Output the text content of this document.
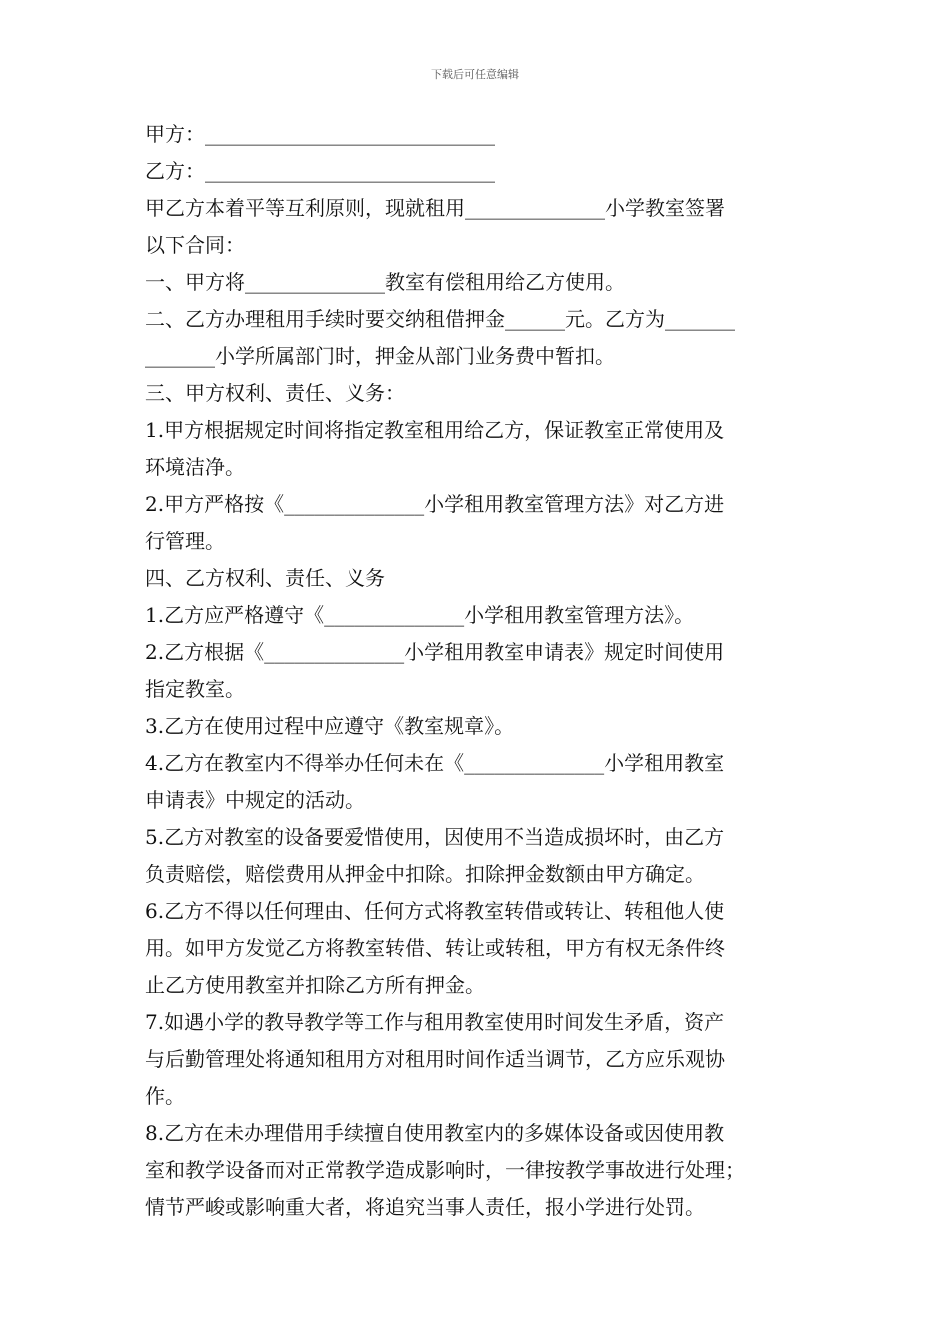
下载后可任意编辑
甲方：_____________________________
乙方：_____________________________
甲乙方本着平等互利原则，现就租用______________小学教室签署
以下合同：
一、甲方将______________教室有偿租用给乙方使用。
二、乙方办理租用手续时要交纳租借押金______元。乙方为_______
_______小学所属部门时，押金从部门业务费中暂扣。
三、甲方权利、责任、义务：
1.甲方根据规定时间将指定教室租用给乙方，保证教室正常使用及
环境洁净。
2.甲方严格按《______________小学租用教室管理方法》对乙方进
行管理。
四、乙方权利、责任、义务
1.乙方应严格遵守《______________小学租用教室管理方法》。
2.乙方根据《______________小学租用教室申请表》规定时间使用
指定教室。
3.乙方在使用过程中应遵守《教室规章》。
4.乙方在教室内不得举办任何未在《______________小学租用教室
申请表》中规定的活动。
5.乙方对教室的设备要爱惜使用，因使用不当造成损坏时，由乙方
负责赔偿，赔偿费用从押金中扣除。扣除押金数额由甲方确定。
6.乙方不得以任何理由、任何方式将教室转借或转让、转租他人使
用。如甲方发觉乙方将教室转借、转让或转租，甲方有权无条件终
止乙方使用教室并扣除乙方所有押金。
7.如遇小学的教导教学等工作与租用教室使用时间发生矛盾，资产
与后勤管理处将通知租用方对租用时间作适当调节，乙方应乐观协
作。
8.乙方在未办理借用手续擅自使用教室内的多媒体设备或因使用教
室和教学设备而对正常教学造成影响时，一律按教学事故进行处理；
情节严峻或影响重大者，将追究当事人责任，报小学进行处罚。
